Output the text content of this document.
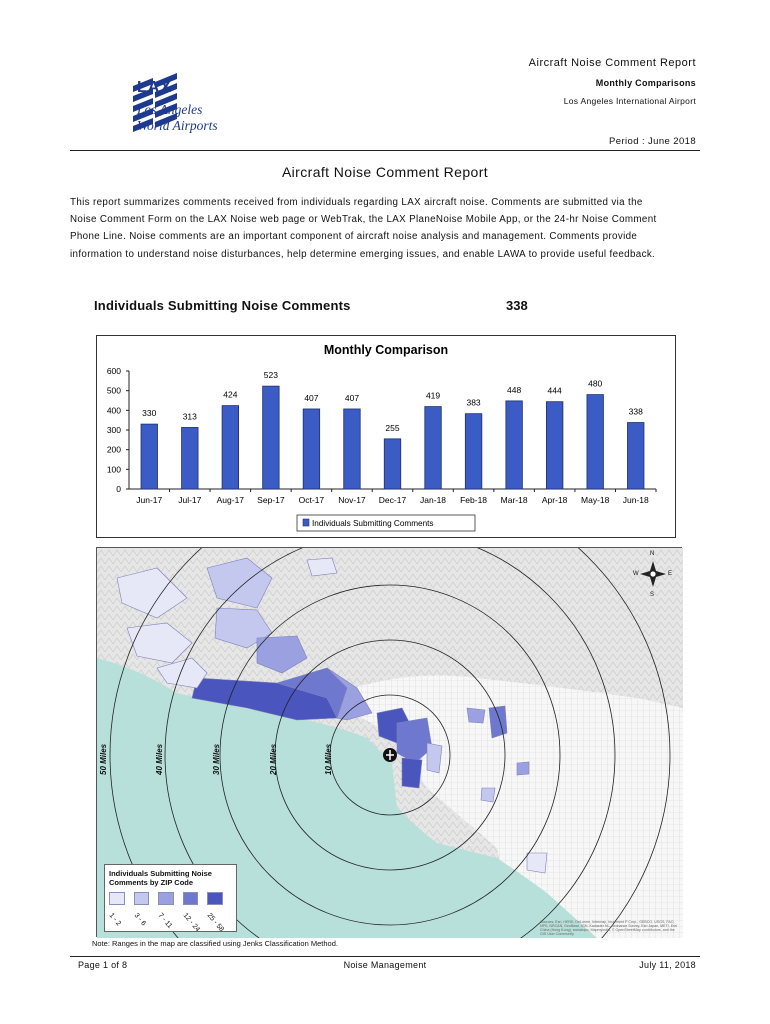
LAX
Los Angeles
World Airports
Aircraft Noise Comment Report
Monthly Comparisons
Los Angeles International Airport
Period : June 2018
Aircraft Noise Comment Report
This report summarizes comments received from individuals regarding LAX aircraft noise. Comments are submitted via the
Noise Comment Form on the LAX Noise web page or WebTrak, the LAX PlaneNoise Mobile App, or the 24-hr Noise Comment
Phone Line. Noise comments are an important component of aircraft noise analysis and management. Comments provide
information to understand noise disturbances, help determine emerging issues, and enable LAWA to provide useful feedback.
Individuals Submitting Noise Comments	338
Monthly Comparison
0
100
200
300
400
500
600
330
Jun-17
313
Jul-17
424
Aug-17
523
Sep-17
407
Oct-17
407
Nov-17
255
Dec-17
419
Jan-18
383
Feb-18
448
Mar-18
444
Apr-18
480
May-18
338
Jun-18
Individuals Submitting Comments
N
S
W	E
50 Miles	40 Miles	30 Miles	20 Miles	10 Miles
Sources: Esri, HERE, DeLorme, Intermap, increment P Corp., GEBCO, USGS, FAO, NPS, NRCAN, GeoBase, IGN, Kadaster NL, Ordnance Survey, Esri Japan, METI, Esri China (Hong Kong), swisstopo, Mapmyindia, © OpenStreetMap contributors, and the GIS User Community
Individuals Submitting Noise Comments by ZIP Code
1 - 2 3 - 6 7 - 11 12 - 24 25 - 58
Note: Ranges in the map are classified using Jenks Classification Method.
Page 1 of 8	Noise Management	July 11, 2018
